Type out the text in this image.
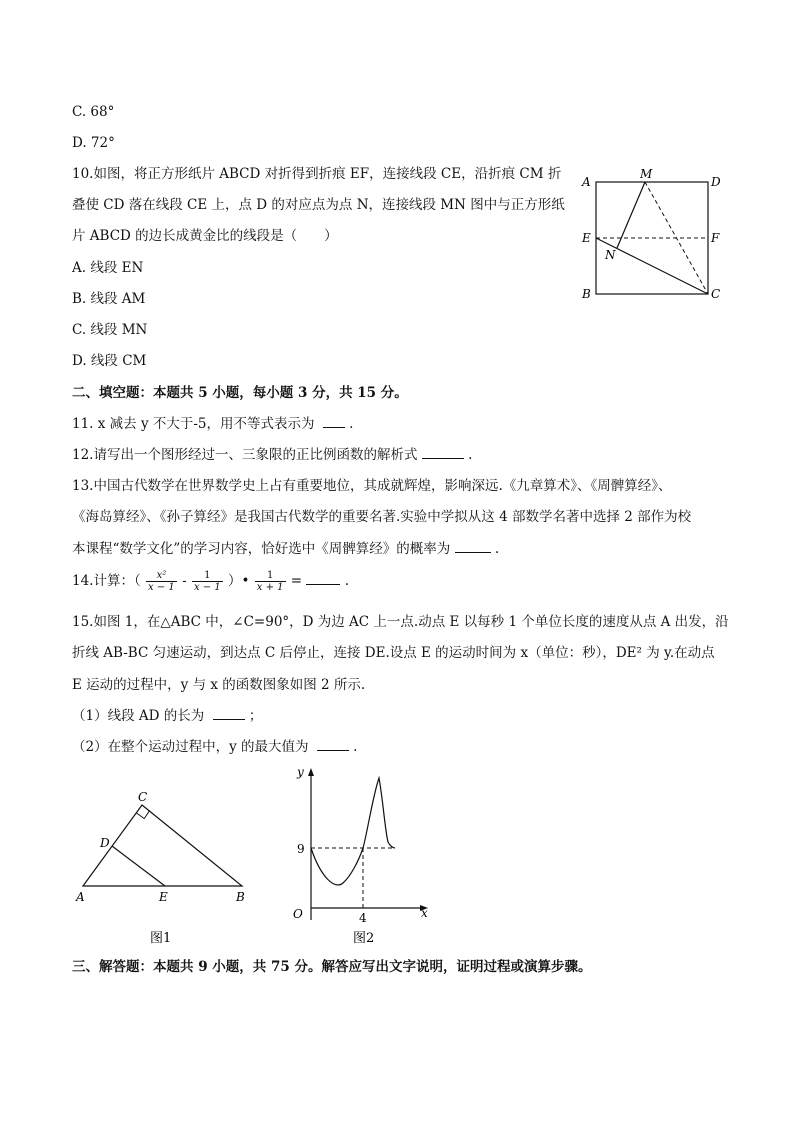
C. 68°
D. 72°
10.如图，将正方形纸片 ABCD 对折得到折痕 EF，连接线段 CE，沿折痕 CM 折
叠使 CD 落在线段 CE 上，点 D 的对应点为点 N，连接线段 MN 图中与正方形纸
片 ABCD 的边长成黄金比的线段是（　　）
A. 线段 EN
B. 线段 AM
C. 线段 MN
D. 线段 CM
A
M
D
E	F
N
B	C
二、填空题：本题共 5 小题，每小题 3 分，共 15 分。
11. x 减去 y 不大于-5，用不等式表示为	.
12.请写出一个图形经过一、三象限的正比例函数的解析式	.
13.中国古代数学在世界数学史上占有重要地位，其成就辉煌，影响深远.《九章算术》、《周髀算经》、
《海岛算经》、《孙子算经》是我国古代数学的重要名著.实验中学拟从这 4 部数学名著中选择 2 部作为校
本课程“数学文化”的学习内容，恰好选中《周髀算经》的概率为	.
14.计算：（ $\frac{\text{x²}}{x - 1} - \frac{1}{x - 1}$ ）• $\frac{1}{x + 1}$ =	.
15.如图 1，在△ABC 中，∠C=90°，D 为边 AC 上一点.动点 E 以每秒 1 个单位长度的速度从点 A 出发，沿
折线 AB-BC 匀速运动，到达点 C 后停止，连接 DE.设点 E 的运动时间为 x（单位：秒），DE² 为 y.在动点
E 运动的过程中，y 与 x 的函数图象如图 2 所示.
（1）线段 AD 的长为	；
（2）在整个运动过程中，y 的最大值为	.
C
D
A	E	B
图1
y
x
O
9
4
图2
三、解答题：本题共 9 小题，共 75 分。解答应写出文字说明，证明过程或演算步骤。
